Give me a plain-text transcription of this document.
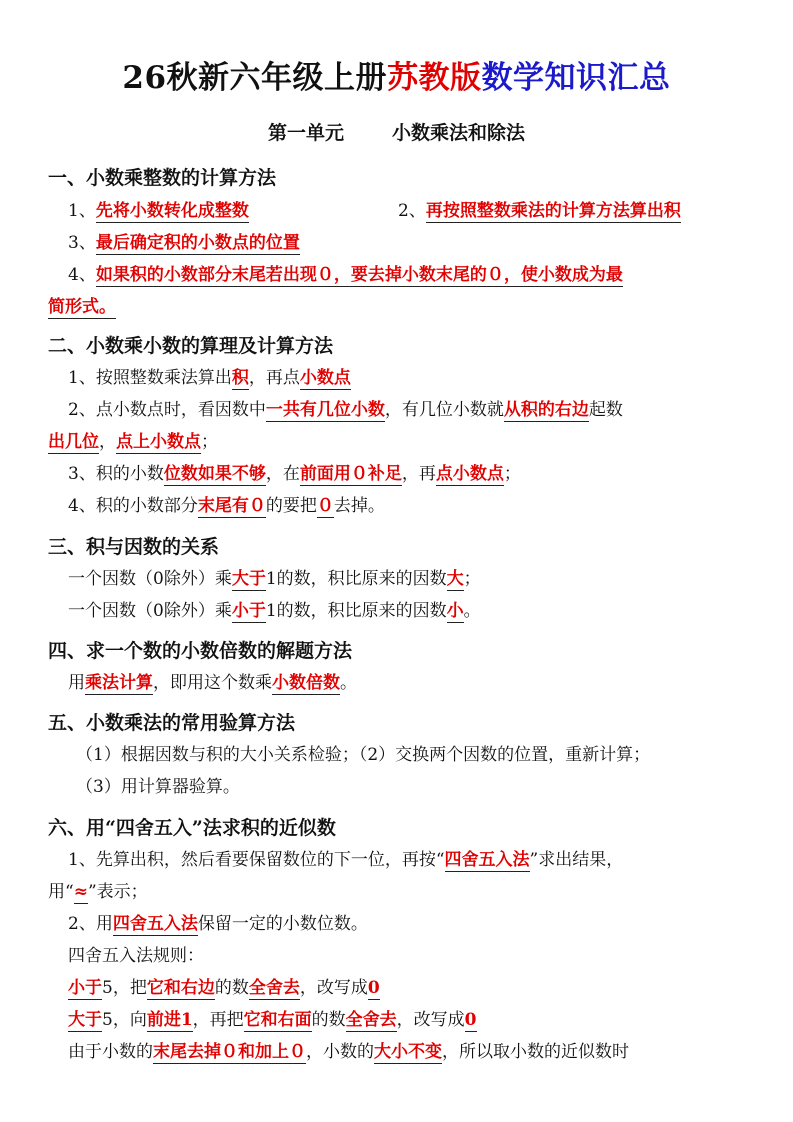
26秋新六年级上册苏教版数学知识汇总
第一单元	小数乘法和除法
一、小数乘整数的计算方法
1、先将小数转化成整数	2、再按照整数乘法的计算方法算出积
3、最后确定积的小数点的位置
4、如果积的小数部分末尾若出现０，要去掉小数末尾的０，使小数成为最
简形式。
二、小数乘小数的算理及计算方法
1、按照整数乘法算出积，再点小数点
2、点小数点时，看因数中一共有几位小数，有几位小数就从积的右边起数
出几位，点上小数点；
3、积的小数位数如果不够，在前面用０补足，再点小数点；
4、积的小数部分末尾有０的要把０去掉。
三、积与因数的关系
一个因数（0除外）乘大于1的数，积比原来的因数大；
一个因数（0除外）乘小于1的数，积比原来的因数小。
四、求一个数的小数倍数的解题方法
用乘法计算，即用这个数乘小数倍数。
五、小数乘法的常用验算方法
（1）根据因数与积的大小关系检验；（2）交换两个因数的位置，重新计算；
（3）用计算器验算。
六、用“四舍五入”法求积的近似数
1、先算出积，然后看要保留数位的下一位，再按“四舍五入法”求出结果，
用“≈”表示；
2、用四舍五入法保留一定的小数位数。
四舍五入法规则：
小于5，把它和右边的数全舍去，改写成0
大于5，向前进1，再把它和右面的数全舍去，改写成0
由于小数的末尾去掉０和加上０，小数的大小不变，所以取小数的近似数时
